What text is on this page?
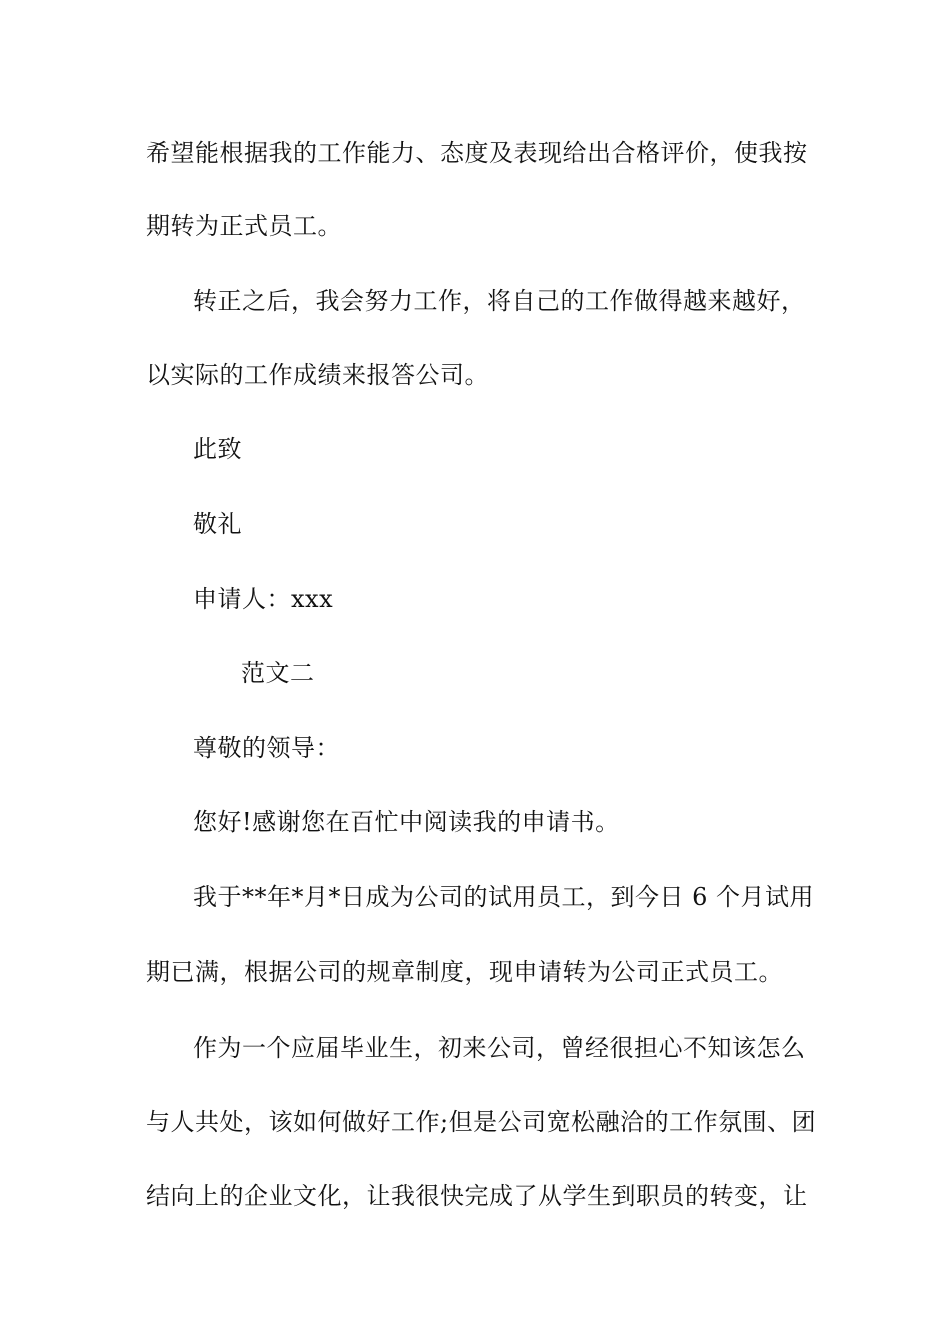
希望能根据我的工作能力、态度及表现给出合格评价，使我按
期转为正式员工。
转正之后，我会努力工作，将自己的工作做得越来越好，
以实际的工作成绩来报答公司。
此致
敬礼
申请人：xxx
范文二
尊敬的领导：
您好!感谢您在百忙中阅读我的申请书。
我于**年*月*日成为公司的试用员工，到今日 6 个月试用
期已满，根据公司的规章制度，现申请转为公司正式员工。
作为一个应届毕业生，初来公司，曾经很担心不知该怎么
与人共处，该如何做好工作;但是公司宽松融洽的工作氛围、团
结向上的企业文化，让我很快完成了从学生到职员的转变，让
